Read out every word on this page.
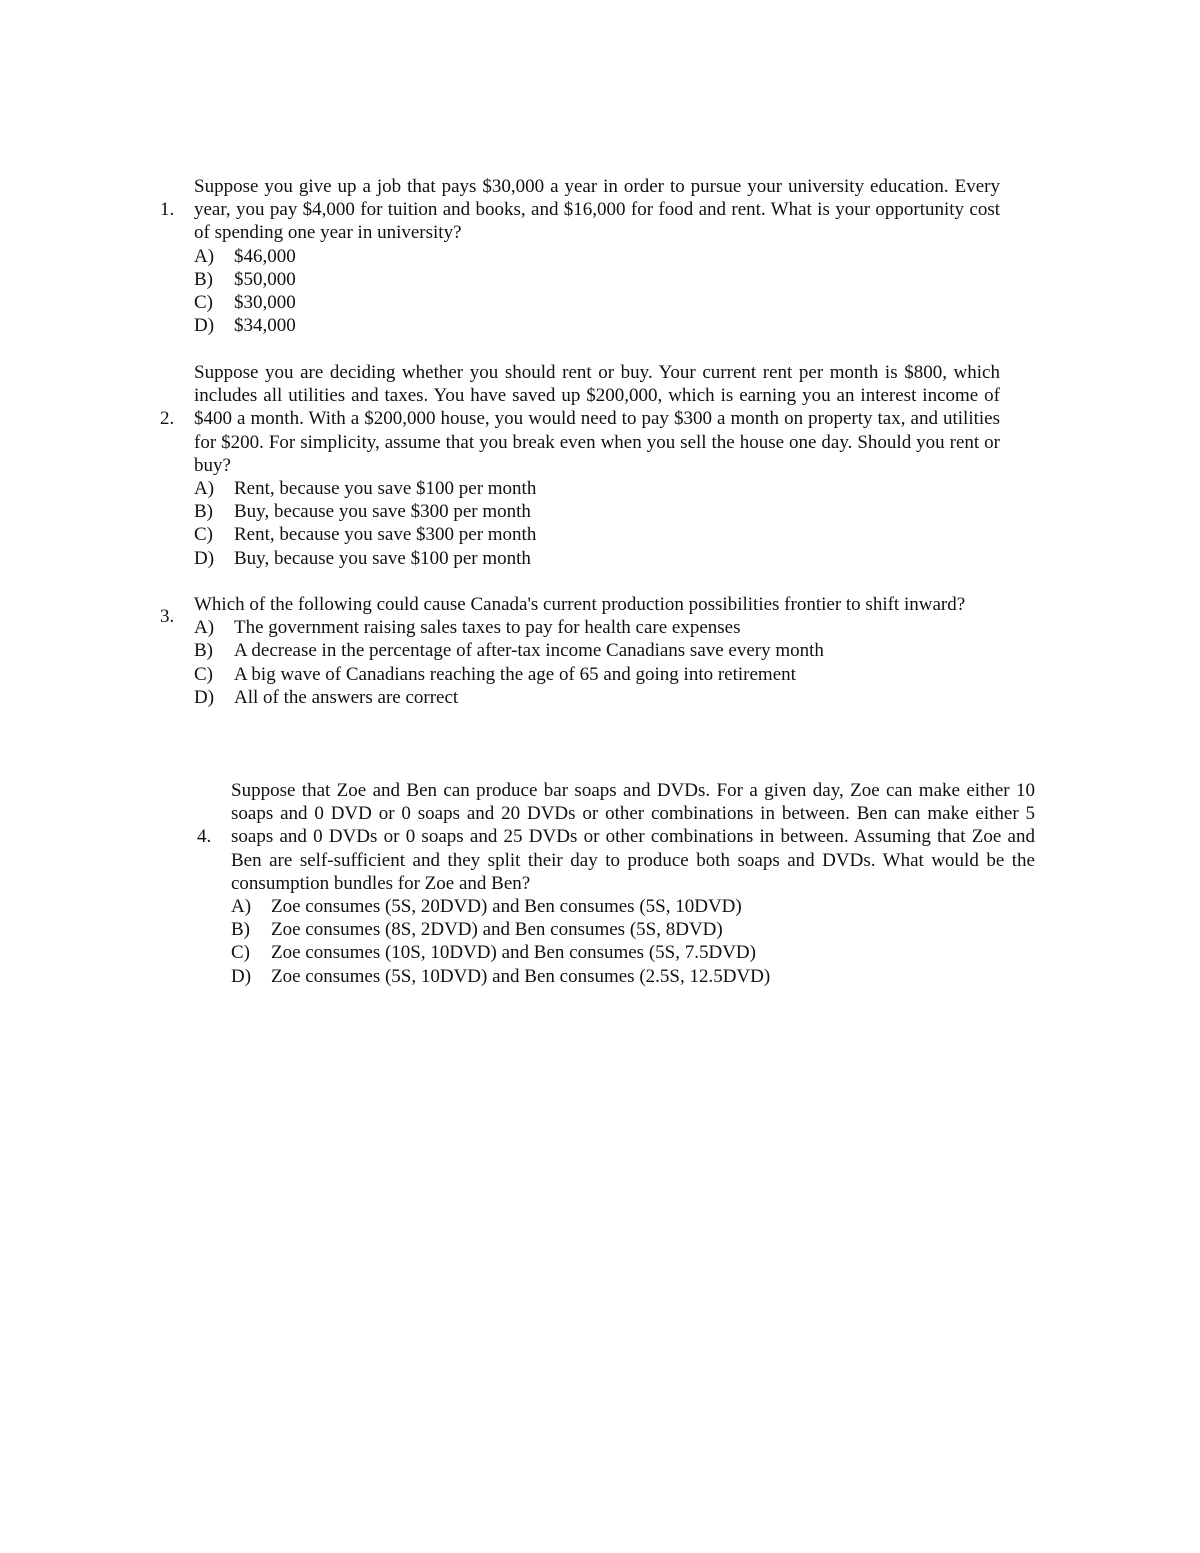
1.

Suppose you give up a job that pays $30,000 a year in order to pursue your university education. Every year, you pay $4,000 for tuition and books, and $16,000 for food and rent. What is your opportunity cost of spending one year in university?

A)	$46,000
B)	$50,000
C)	$30,000
D)	$34,000
2.

Suppose you are deciding whether you should rent or buy. Your current rent per month is $800, which includes all utilities and taxes. You have saved up $200,000, which is earning you an interest income of $400 a month. With a $200,000 house, you would need to pay $300 a month on property tax, and utilities for $200. For simplicity, assume that you break even when you sell the house one day. Should you rent or buy?

A)	Rent, because you save $100 per month
B)	Buy, because you save $300 per month
C)	Rent, because you save $300 per month
D)	Buy, because you save $100 per month
3.

Which of the following could cause Canada's current production possibilities frontier to shift inward?

A)	The government raising sales taxes to pay for health care expenses
B)	A decrease in the percentage of after-tax income Canadians save every month
C)	A big wave of Canadians reaching the age of 65 and going into retirement
D)	All of the answers are correct
4.

Suppose that Zoe and Ben can produce bar soaps and DVDs. For a given day, Zoe can make either 10 soaps and 0 DVD or 0 soaps and 20 DVDs or other combinations in between. Ben can make either 5 soaps and 0 DVDs or 0 soaps and 25 DVDs or other combinations in between. Assuming that Zoe and Ben are self-sufficient and they split their day to produce both soaps and DVDs. What would be the consumption bundles for Zoe and Ben?

A)	Zoe consumes (5S, 20DVD) and Ben consumes (5S, 10DVD)
B)	Zoe consumes (8S, 2DVD) and Ben consumes (5S, 8DVD)
C)	Zoe consumes (10S, 10DVD) and Ben consumes (5S, 7.5DVD)
D)	Zoe consumes (5S, 10DVD) and Ben consumes (2.5S, 12.5DVD)
